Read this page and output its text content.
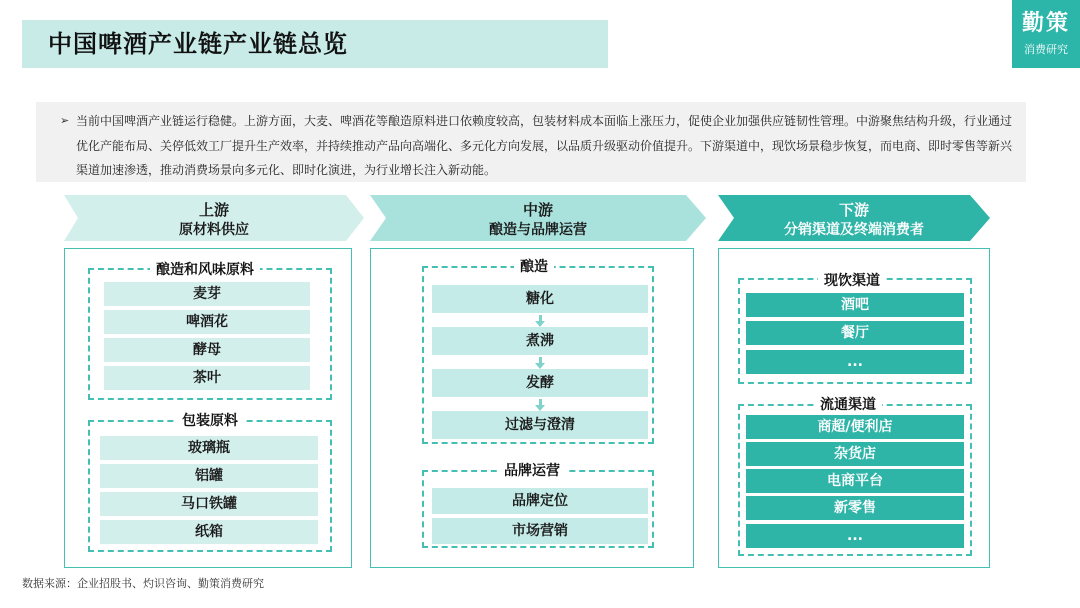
中国啤酒产业链产业链总览
勤策
消费研究
➢ 当前中国啤酒产业链运行稳健。上游方面，大麦、啤酒花等酿造原料进口依赖度较高，包装材料成本面临上涨压力，促使企业加强供应链韧性管理。中游聚焦结构升级，行业通过优化产能布局、关停低效工厂提升生产效率，并持续推动产品向高端化、多元化方向发展，以品质升级驱动价值提升。下游渠道中，现饮场景稳步恢复，而电商、即时零售等新兴渠道加速渗透，推动消费场景向多元化、即时化演进，为行业增长注入新动能。
上游
原材料供应
中游
酿造与品牌运营
下游
分销渠道及终端消费者
酿造和风味原料
麦芽
啤酒花
酵母
茶叶
包装原料
玻璃瓶
铝罐
马口铁罐
纸箱
酿造
糖化
煮沸
发酵
过滤与澄清
品牌运营
品牌定位
市场营销
现饮渠道
酒吧
餐厅
...
流通渠道
商超/便利店
杂货店
电商平台
新零售
...
数据来源：企业招股书、灼识咨询、勤策消费研究
